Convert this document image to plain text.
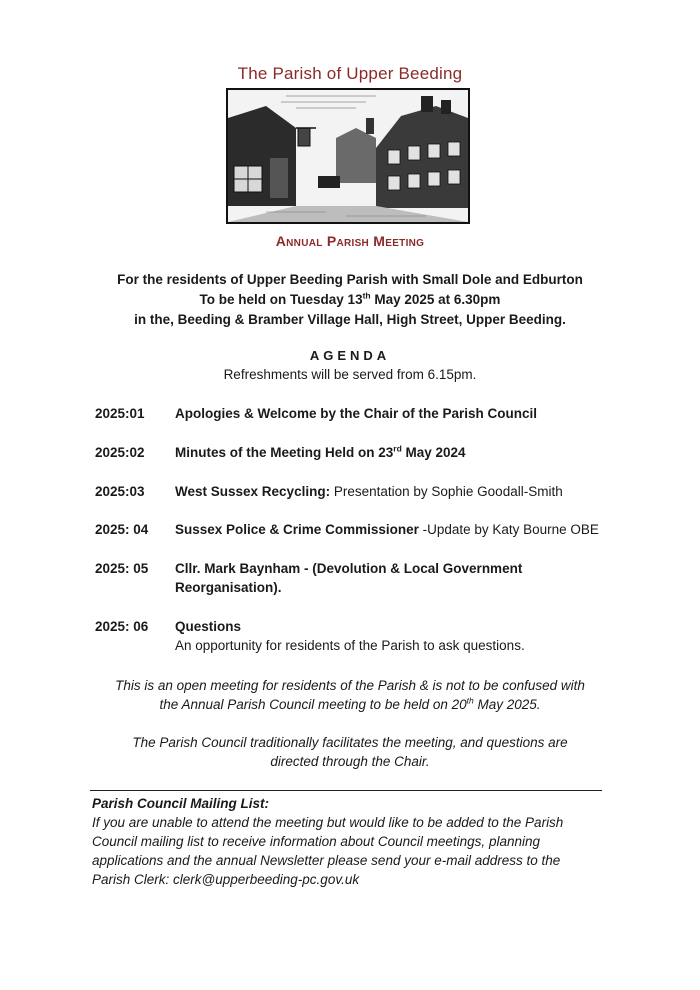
The Parish of Upper Beeding
Annual Parish Meeting

For the residents of Upper Beeding Parish with Small Dole and Edburton

To be held on Tuesday 13th May 2025 at 6.30pm

in the, Beeding & Bramber Village Hall, High Street, Upper Beeding.

AGENDA
Refreshments will be served from 6.15pm.
2025:01	Apologies & Welcome by the Chair of the Parish Council
2025:02	Minutes of the Meeting Held on 23rd May 2024
2025:03	West Sussex Recycling: Presentation by Sophie Goodall-Smith
2025: 04	Sussex Police & Crime Commissioner -Update by Katy Bourne OBE
2025: 05	Cllr. Mark Baynham - (Devolution & Local Government
Reorganisation).
2025: 06	Questions
An opportunity for residents of the Parish to ask questions.

This is an open meeting for residents of the Parish & is not to be confused with

the Annual Parish Council meeting to be held on 20th May 2025.

The Parish Council traditionally facilitates the meeting, and questions are

directed through the Chair.

Parish Council Mailing List:

If you are unable to attend the meeting but would like to be added to the Parish

Council mailing list to receive information about Council meetings, planning

applications and the annual Newsletter please send your e-mail address to the

Parish Clerk: clerk@upperbeeding-pc.gov.uk
